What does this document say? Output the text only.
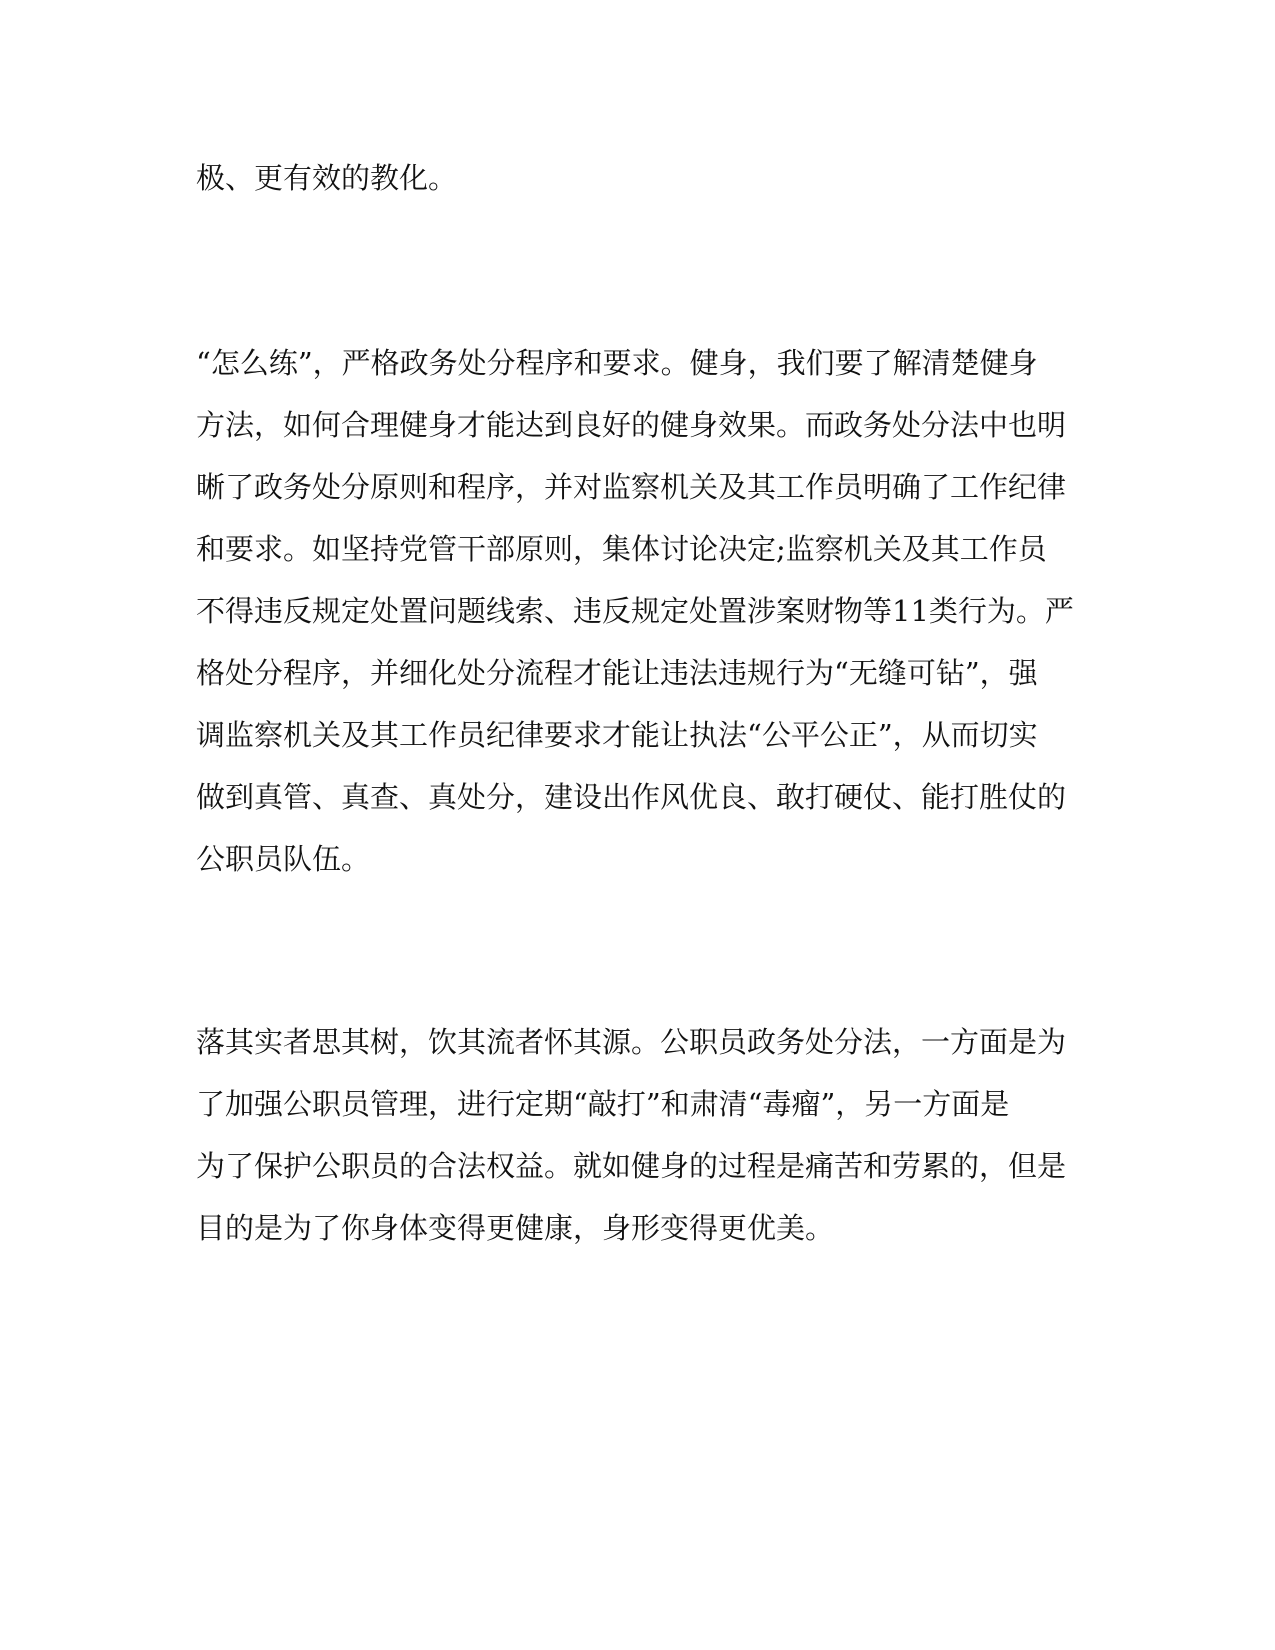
极、更有效的教化。
“怎么练”，严格政务处分程序和要求。健身，我们要了解清楚健身
方法，如何合理健身才能达到良好的健身效果。而政务处分法中也明
晰了政务处分原则和程序，并对监察机关及其工作员明确了工作纪律
和要求。如坚持党管干部原则，集体讨论决定;监察机关及其工作员
不得违反规定处置问题线索、违反规定处置涉案财物等11类行为。严
格处分程序，并细化处分流程才能让违法违规行为“无缝可钻”，强
调监察机关及其工作员纪律要求才能让执法“公平公正”，从而切实
做到真管、真查、真处分，建设出作风优良、敢打硬仗、能打胜仗的
公职员队伍。
落其实者思其树，饮其流者怀其源。公职员政务处分法，一方面是为
了加强公职员管理，进行定期“敲打”和肃清“毒瘤”，另一方面是
为了保护公职员的合法权益。就如健身的过程是痛苦和劳累的，但是
目的是为了你身体变得更健康，身形变得更优美。
